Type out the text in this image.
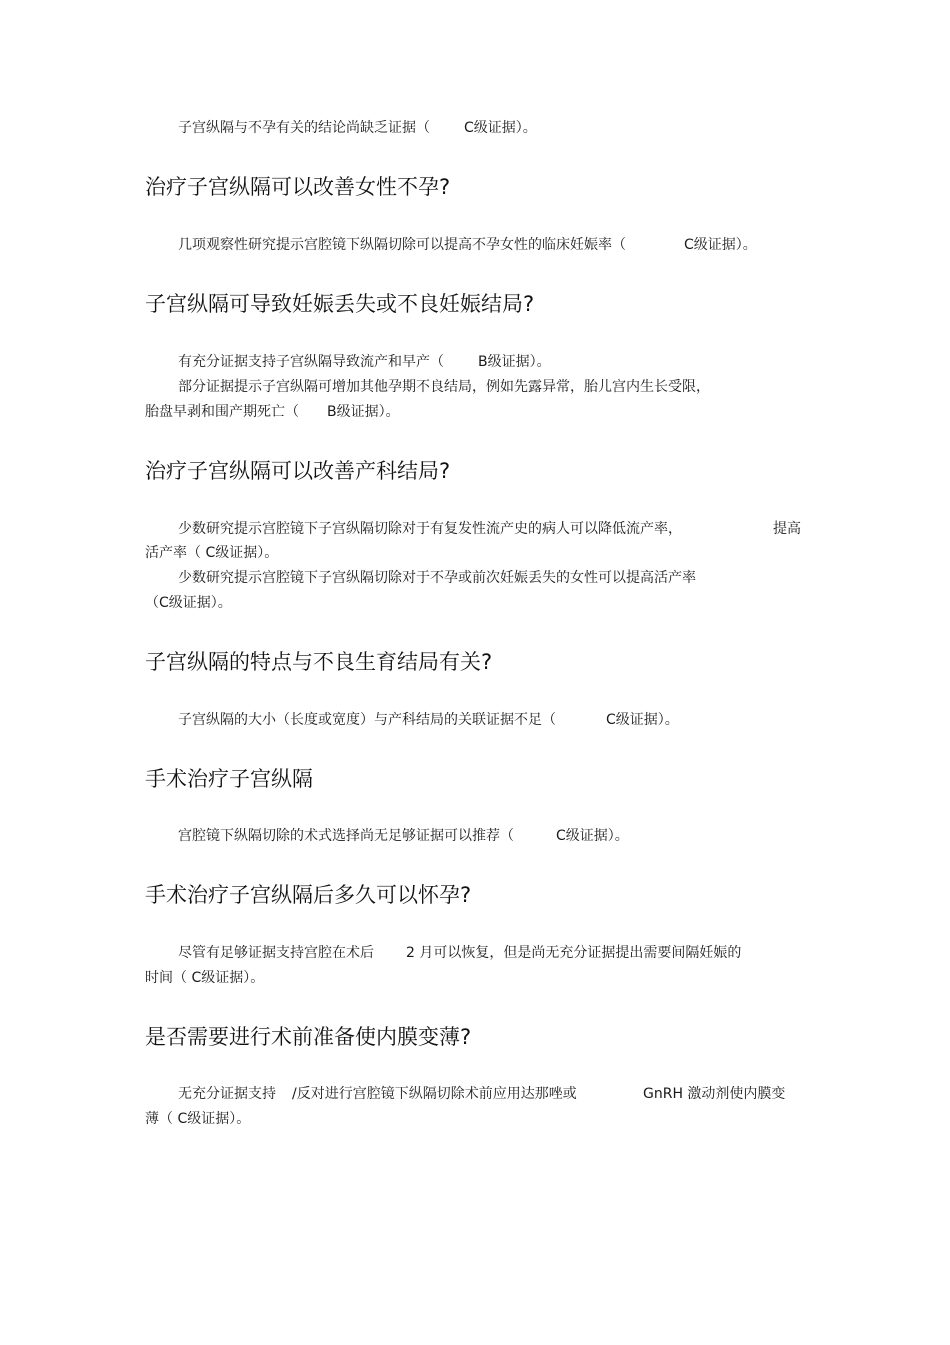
子宫纵隔与不孕有关的结论尚缺乏证据（ C级证据）。
治疗子宫纵隔可以改善女性不孕?
几项观察性研究提示宫腔镜下纵隔切除可以提高不孕女性的临床妊娠率（	C级证据）。
子宫纵隔可导致妊娠丢失或不良妊娠结局?
有充分证据支持子宫纵隔导致流产和早产（ B级证据）。
部分证据提示子宫纵隔可增加其他孕期不良结局，例如先露异常，胎儿宫内生长受限，
胎盘早剥和围产期死亡（ B级证据）。
治疗子宫纵隔可以改善产科结局?
少数研究提示宫腔镜下子宫纵隔切除对于有复发性流产史的病人可以降低流产率，	提高
活产率（ C级证据）。
少数研究提示宫腔镜下子宫纵隔切除对于不孕或前次妊娠丢失的女性可以提高活产率
（C级证据）。
子宫纵隔的特点与不良生育结局有关?
子宫纵隔的大小（长度或宽度）与产科结局的关联证据不足（	C级证据）。
手术治疗子宫纵隔
宫腔镜下纵隔切除的术式选择尚无足够证据可以推荐（	C级证据）。
手术治疗子宫纵隔后多久可以怀孕?
尽管有足够证据支持宫腔在术后 2 月可以恢复，但是尚无充分证据提出需要间隔妊娠的
时间（ C级证据）。
是否需要进行术前准备使内膜变薄?
无充分证据支持 /反对进行宫腔镜下纵隔切除术前应用达那唑或	GnRH 激动剂使内膜变
薄（ C级证据）。
